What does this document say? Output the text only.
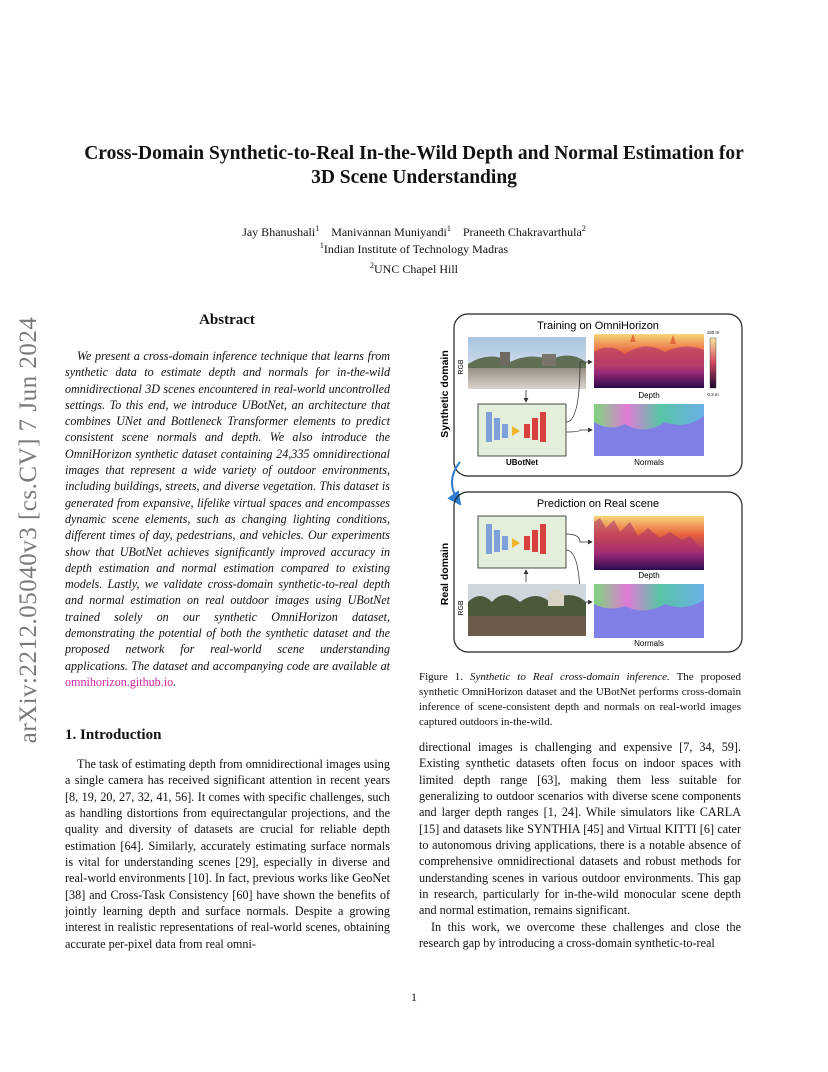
arXiv:2212.05040v3 [cs.CV] 7 Jun 2024
Cross-Domain Synthetic-to-Real In-the-Wild Depth and Normal Estimation for
3D Scene Understanding
Jay Bhanushali$^1$ Manivannan Muniyandi$^1$ Praneeth Chakravarthula$^2$
$^1$Indian Institute of Technology Madras
$^2$UNC Chapel Hill
Abstract
We present a cross-domain inference technique that learns from synthetic data to estimate depth and normals for in-the-wild omnidirectional 3D scenes encountered in real-world uncontrolled settings. To this end, we introduce UBotNet, an architecture that combines UNet and Bottleneck Transformer elements to predict consistent scene normals and depth. We also introduce the OmniHorizon synthetic dataset containing 24,335 omnidirectional images that represent a wide variety of outdoor environments, including buildings, streets, and diverse vegetation. This dataset is generated from expansive, lifelike virtual spaces and encompasses dynamic scene elements, such as changing lighting conditions, different times of day, pedestrians, and vehicles. Our experiments show that UBotNet achieves significantly improved accuracy in depth estimation and normal estimation compared to existing models. Lastly, we validate cross-domain synthetic-to-real depth and normal estimation on real outdoor images using UBotNet trained solely on our synthetic OmniHorizon dataset, demonstrating the potential of both the synthetic dataset and the proposed network for real-world scene understanding applications. The dataset and accompanying code are available at omnihorizon.github.io.
Synthetic domain
Real domain
Training on OmniHorizon
RGB
Depth
150 m
0.3 m
Normals
UBotNet
Prediction on Real scene
Depth
RGB
Normals
Figure 1. Synthetic to Real cross-domain inference. The proposed synthetic OmniHorizon dataset and the UBotNet performs cross-domain inference of scene-consistent depth and normals on real-world images captured outdoors in-the-wild.
1. Introduction
The task of estimating depth from omnidirectional images using a single camera has received significant attention in recent years [8, 19, 20, 27, 32, 41, 56]. It comes with specific challenges, such as handling distortions from equirectangular projections, and the quality and diversity of datasets are crucial for reliable depth estimation [64]. Similarly, accurately estimating surface normals is vital for understanding scenes [29], especially in diverse and real-world environments [10]. In fact, previous works like GeoNet [38] and Cross-Task Consistency [60] have shown the benefits of jointly learning depth and surface normals. Despite a growing interest in realistic representations of real-world scenes, obtaining accurate per-pixel data from real omni-

directional images is challenging and expensive [7, 34, 59]. Existing synthetic datasets often focus on indoor spaces with limited depth range [63], making them less suitable for generalizing to outdoor scenarios with diverse scene components and larger depth ranges [1, 24]. While simulators like CARLA [15] and datasets like SYNTHIA [45] and Virtual KITTI [6] cater to autonomous driving applications, there is a notable absence of comprehensive omnidirectional datasets and robust methods for understanding scenes in various outdoor environments. This gap in research, particularly for in-the-wild monocular scene depth and normal estimation, remains significant.

In this work, we overcome these challenges and close the research gap by introducing a cross-domain synthetic-to-real

1
